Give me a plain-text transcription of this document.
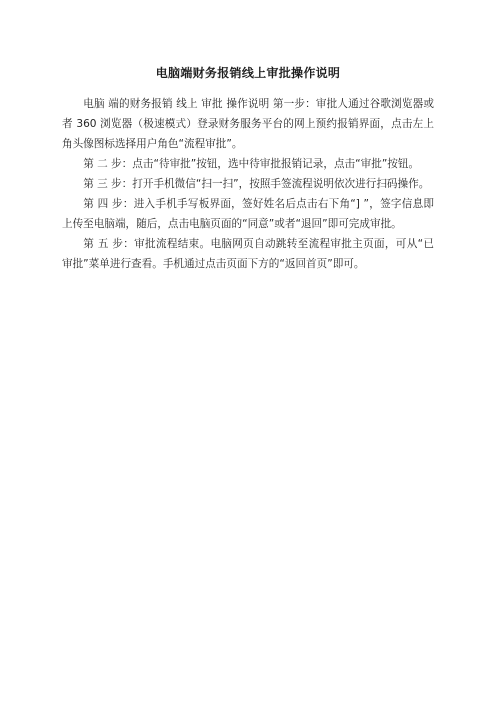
电脑端财务报销线上审批操作说明

电脑 端的财务报销 线上 审批 操作说明 第一步：审批人通过谷歌浏览器或者 360 浏览器（极速模式）登录财务服务平台的网上预约报销界面，点击左上角头像图标选择用户角色“流程审批”。

第 二 步：点击“待审批”按钮，选中待审批报销记录，点击“审批”按钮。

第 三 步：打开手机微信“扫一扫”，按照手签流程说明依次进行扫码操作。

第 四 步：进入手机手写板界面，签好姓名后点击右下角“] ”，签字信息即上传至电脑端，随后，点击电脑页面的“同意”或者“退回”即可完成审批。

第 五 步：审批流程结束。电脑网页自动跳转至流程审批主页面，可从“已审批”菜单进行查看。手机通过点击页面下方的“返回首页”即可。
